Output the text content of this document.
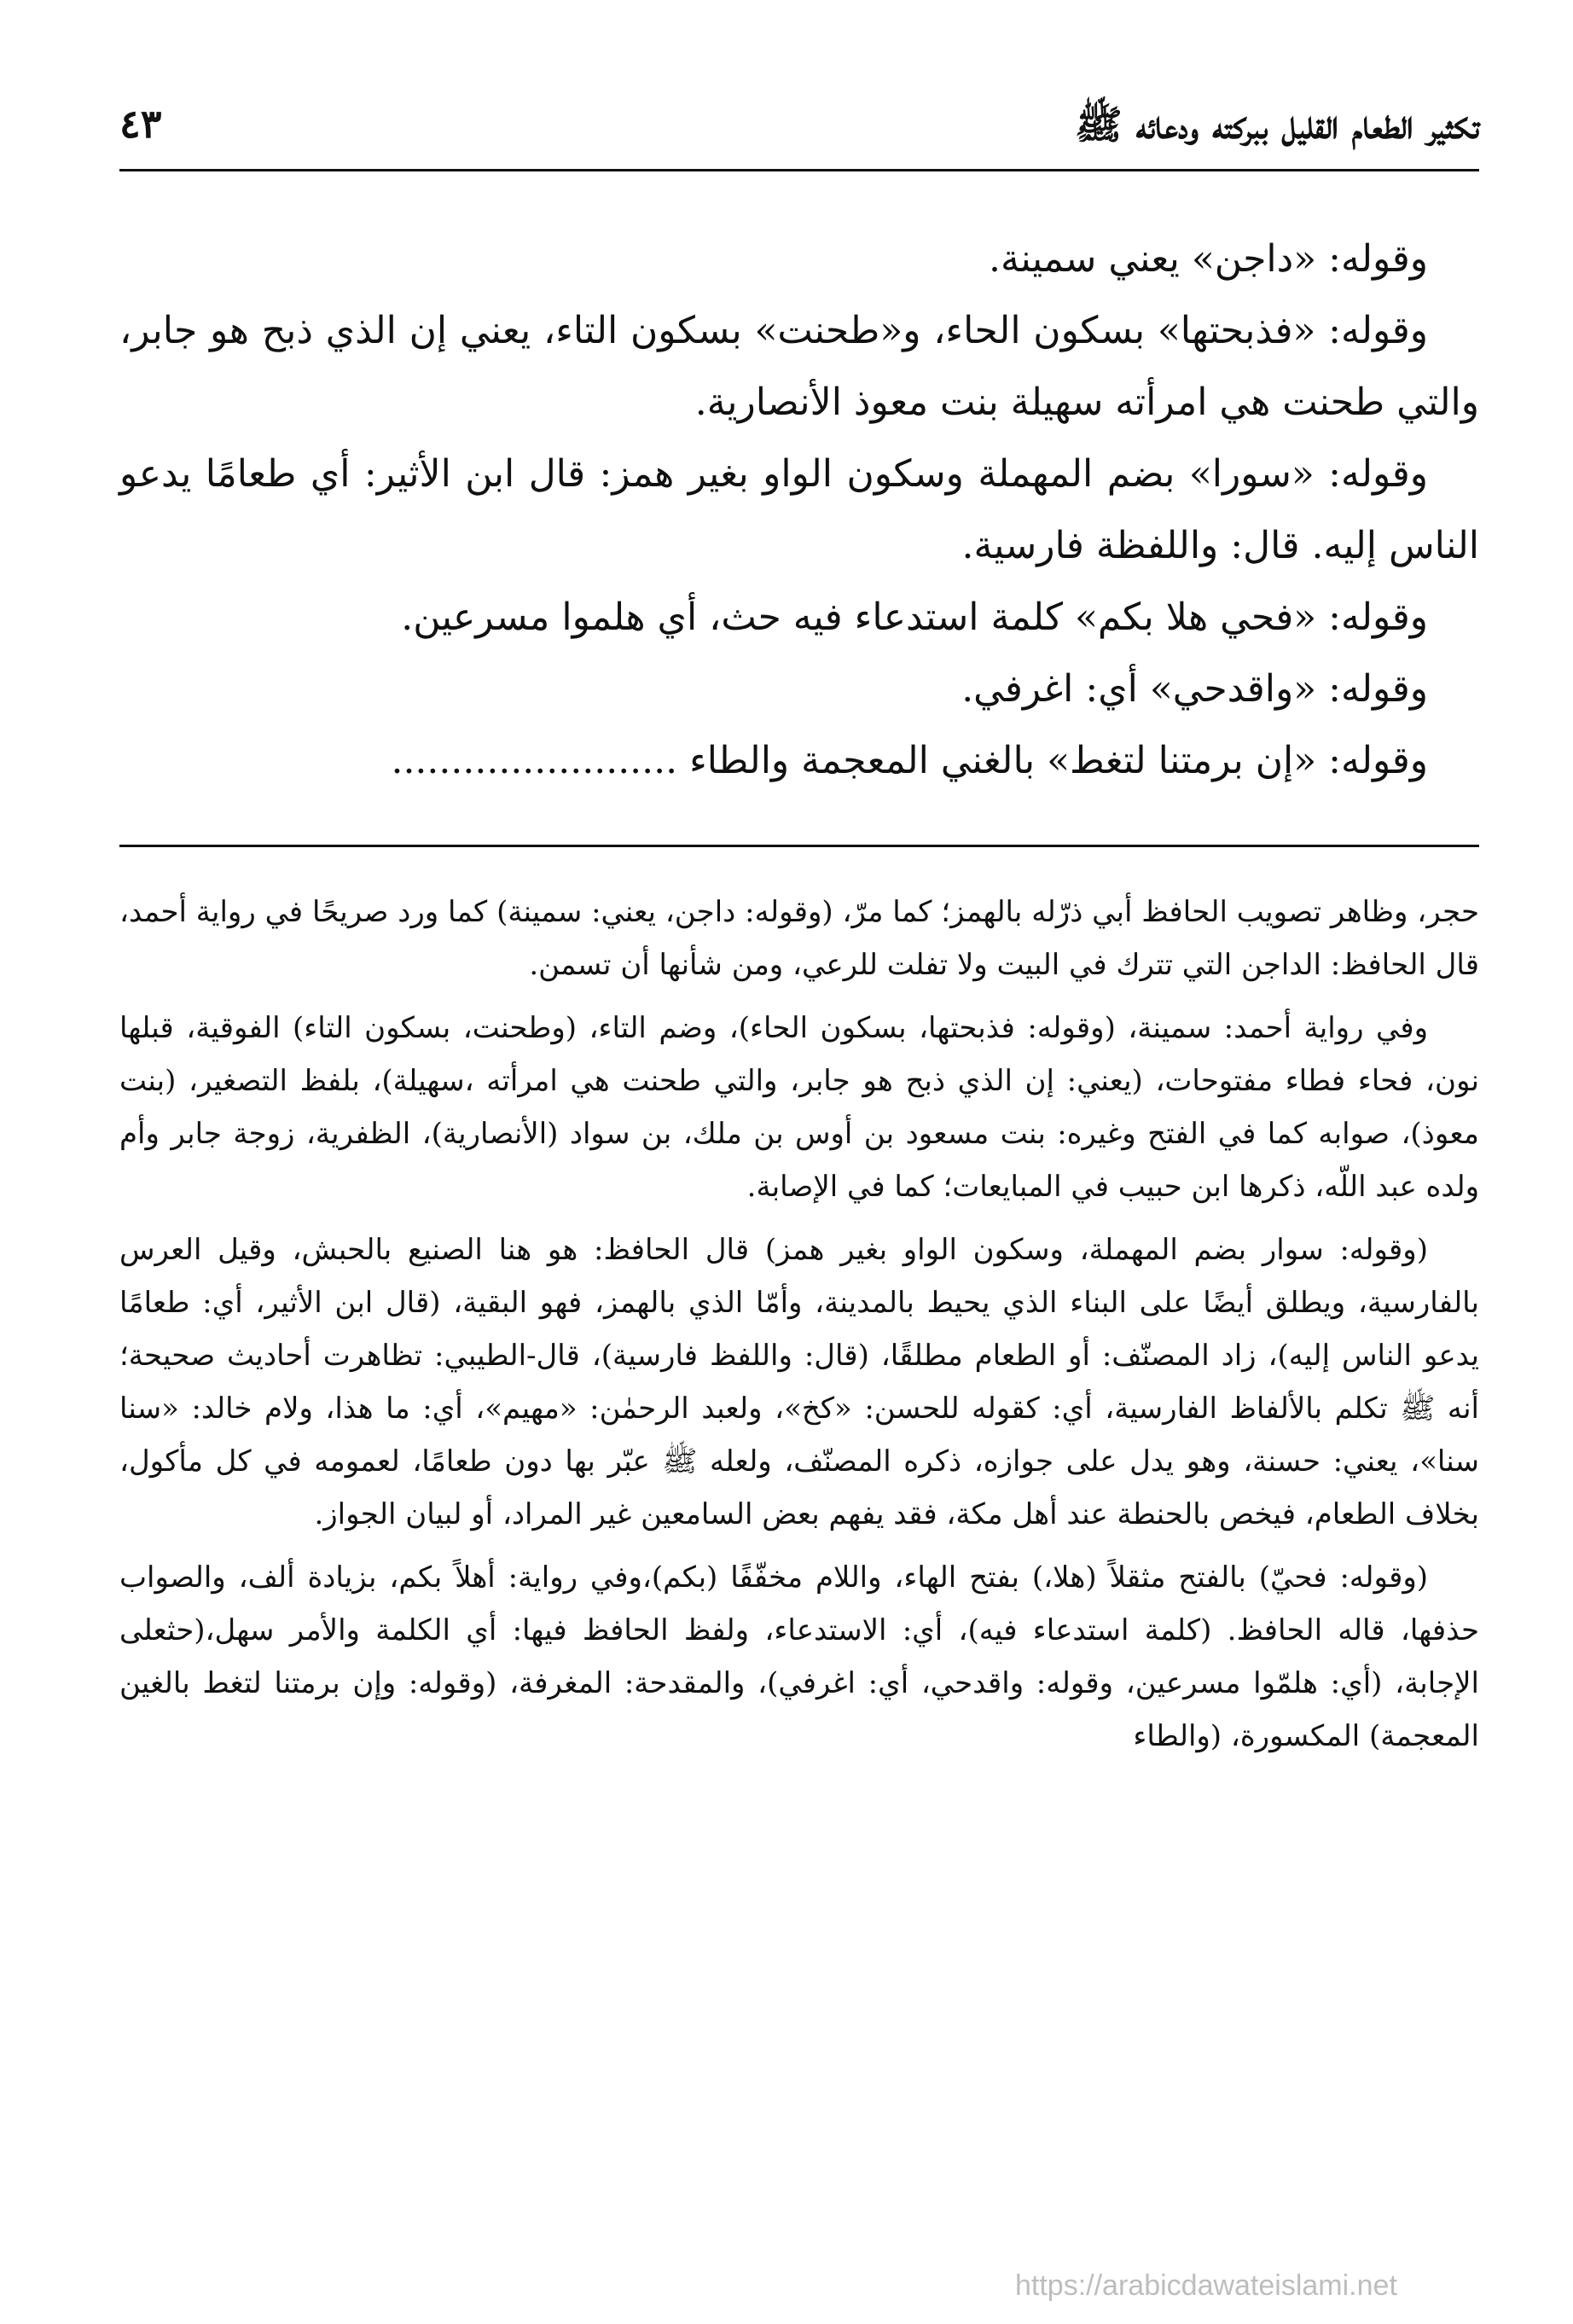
تكثير الطعام القليل ببركته ودعائه ﷺ
٤٣

وقوله: «داجن» يعني سمينة.

وقوله: «فذبحتها» بسكون الحاء، و«طحنت» بسكون التاء، يعني إن الذي ذبح هو جابر، والتي طحنت هي امرأته سهيلة بنت معوذ الأنصارية.

وقوله: «سورا» بضم المهملة وسكون الواو بغير همز: قال ابن الأثير: أي طعامًا يدعو الناس إليه. قال: واللفظة فارسية.

وقوله: «فحي هلا بكم» كلمة استدعاء فيه حث، أي هلموا مسرعين.

وقوله: «واقدحي» أي: اغرفي.

وقوله: «إن برمتنا لتغط» بالغني المعجمة والطاء ........................

حجر، وظاهر تصويب الحافظ أبي ذرّله بالهمز؛ كما مرّ، (وقوله: داجن، يعني: سمينة) كما ورد صريحًا في رواية أحمد، قال الحافظ: الداجن التي تترك في البيت ولا تفلت للرعي، ومن شأنها أن تسمن.

وفي رواية أحمد: سمينة، (وقوله: فذبحتها، بسكون الحاء)، وضم التاء، (وطحنت، بسكون التاء) الفوقية، قبلها نون، فحاء فطاء مفتوحات، (يعني: إن الذي ذبح هو جابر، والتي طحنت هي امرأته ،سهيلة)، بلفظ التصغير، (بنت معوذ)، صوابه كما في الفتح وغيره: بنت مسعود بن أوس بن ملك، بن سواد (الأنصارية)، الظفرية، زوجة جابر وأم ولده عبد اللّه، ذكرها ابن حبيب في المبايعات؛ كما في الإصابة.

(وقوله: سوار بضم المهملة، وسكون الواو بغير همز) قال الحافظ: هو هنا الصنيع بالحبش، وقيل العرس بالفارسية، ويطلق أيضًا على البناء الذي يحيط بالمدينة، وأمّا الذي بالهمز، فهو البقية، (قال ابن الأثير، أي: طعامًا يدعو الناس إليه)، زاد المصنّف: أو الطعام مطلقًا، (قال: واللفظ فارسية)، قال-الطيبي: تظاهرت أحاديث صحيحة؛ أنه ﷺ تكلم بالألفاظ الفارسية، أي: كقوله للحسن: «كخ»، ولعبد الرحمٰن: «مهيم»، أي: ما هذا، ولام خالد: «سنا سنا»، يعني: حسنة، وهو يدل على جوازه، ذكره المصنّف، ولعله ﷺ عبّر بها دون طعامًا، لعمومه في كل مأكول، بخلاف الطعام، فيخص بالحنطة عند أهل مكة، فقد يفهم بعض السامعين غير المراد، أو لبيان الجواز.

(وقوله: فحيّ) بالفتح مثقلاً (هلا،) بفتح الهاء، واللام مخفّفًا (بكم)،وفي رواية: أهلاً بكم، بزيادة ألف، والصواب حذفها، قاله الحافظ. (كلمة استدعاء فيه)، أي: الاستدعاء، ولفظ الحافظ فيها: أي الكلمة والأمر سهل،(حثعلى الإجابة، (أي: هلمّوا مسرعين، وقوله: واقدحي، أي: اغرفي)، والمقدحة: المغرفة، (وقوله: وإن برمتنا لتغط بالغين المعجمة) المكسورة، (والطاء

https://arabicdawateislami.net
